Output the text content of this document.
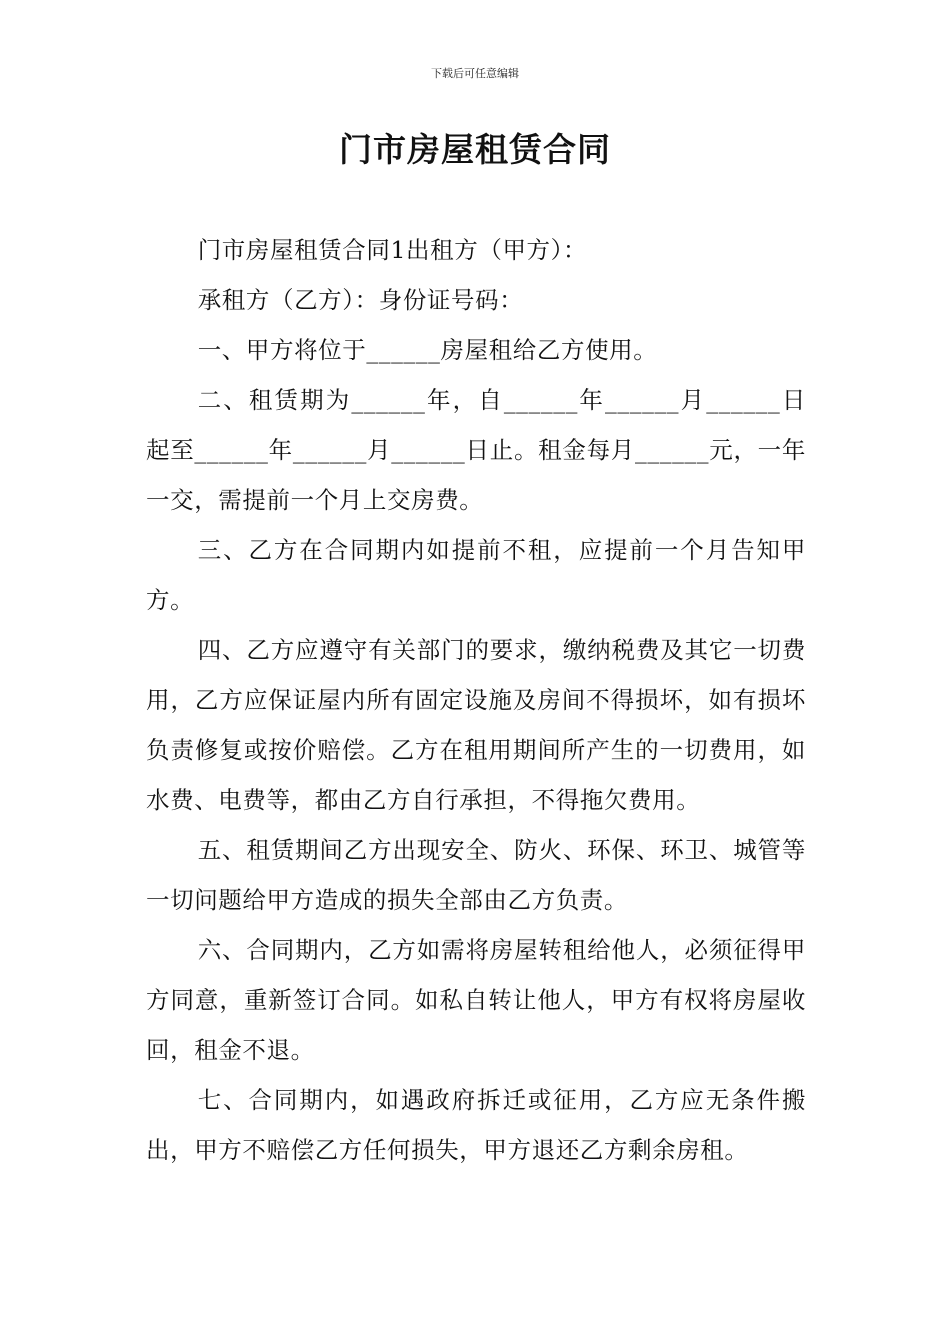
下载后可任意编辑
门市房屋租赁合同

门市房屋租赁合同1出租方（甲方）：

承租方（乙方）：身份证号码：

一、甲方将位于______房屋租给乙方使用。

二、租赁期为______年，自______年______月______日起至______年______月______日止。租金每月______元，一年一交，需提前一个月上交房费。

三、乙方在合同期内如提前不租，应提前一个月告知甲方。

四、乙方应遵守有关部门的要求，缴纳税费及其它一切费用，乙方应保证屋内所有固定设施及房间不得损坏，如有损坏负责修复或按价赔偿。乙方在租用期间所产生的一切费用，如水费、电费等，都由乙方自行承担，不得拖欠费用。

五、租赁期间乙方出现安全、防火、环保、环卫、城管等一切问题给甲方造成的损失全部由乙方负责。

六、合同期内，乙方如需将房屋转租给他人，必须征得甲方同意，重新签订合同。如私自转让他人，甲方有权将房屋收回，租金不退。

七、合同期内，如遇政府拆迁或征用，乙方应无条件搬出，甲方不赔偿乙方任何损失，甲方退还乙方剩余房租。
